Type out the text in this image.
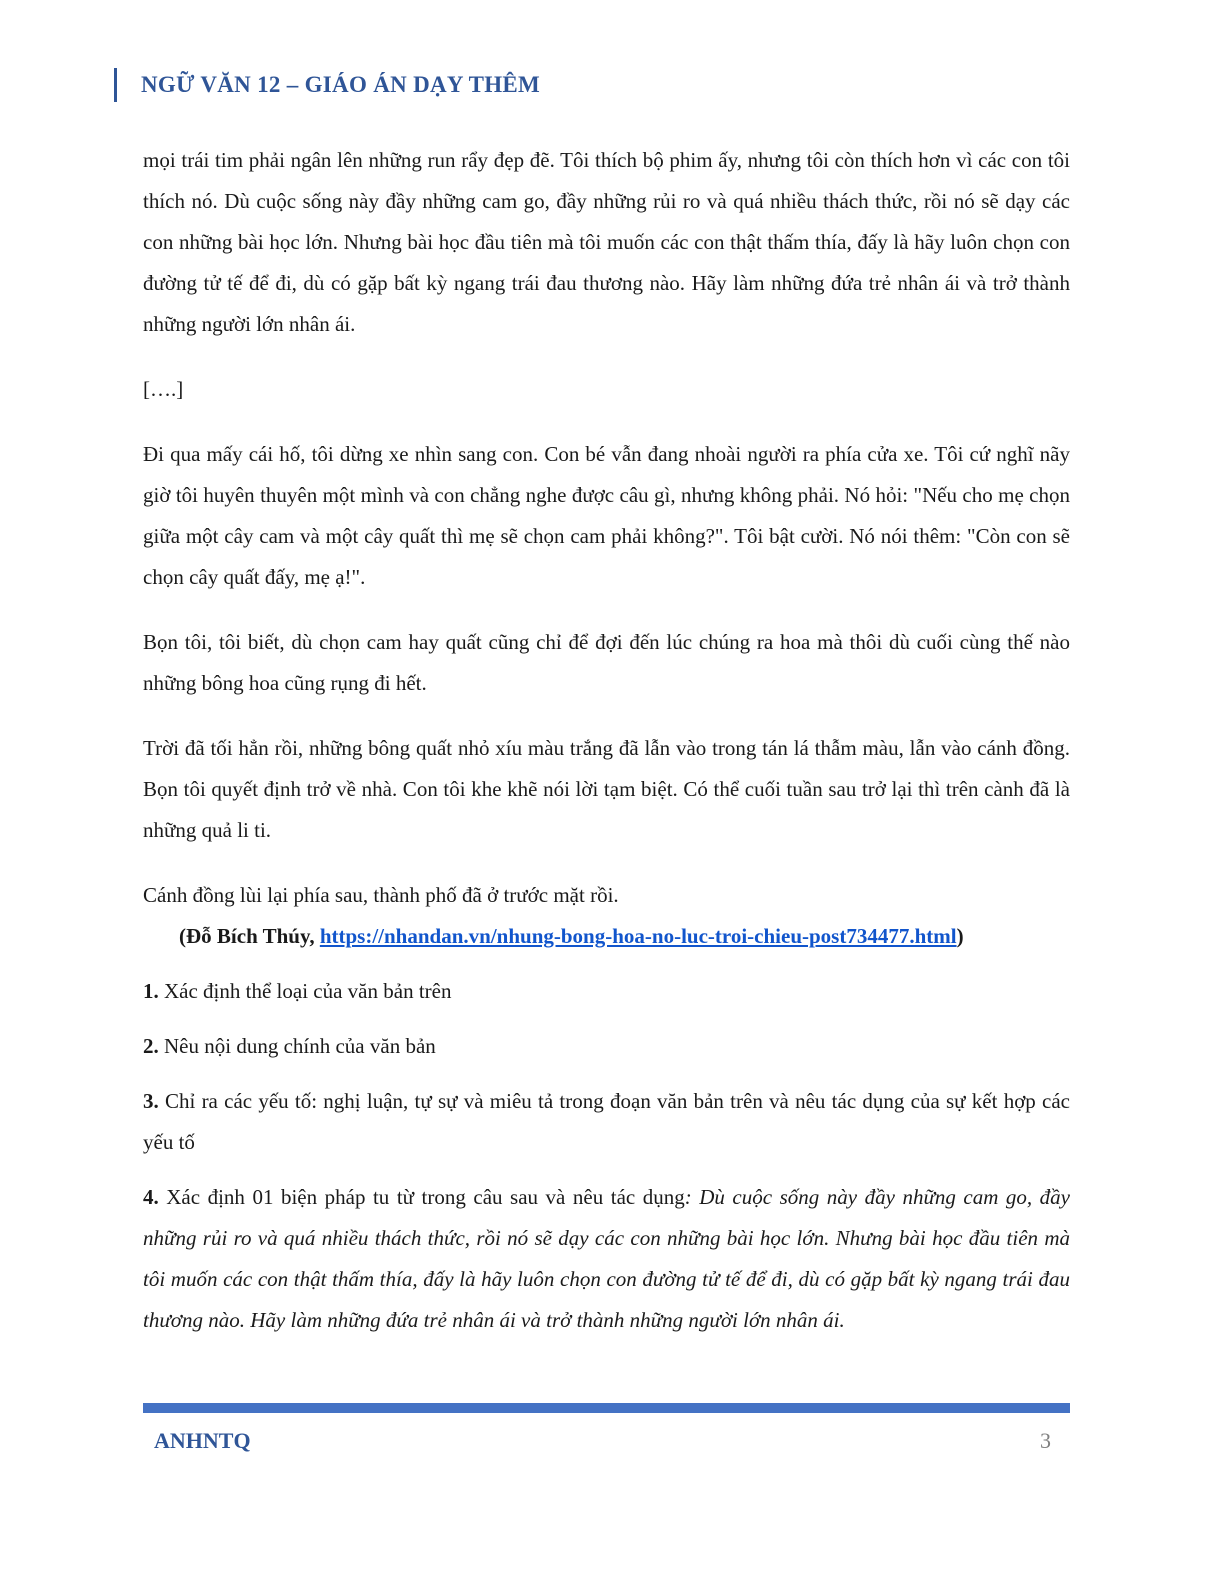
NGỮ VĂN 12 – GIÁO ÁN DẠY THÊM

mọi trái tim phải ngân lên những run rẩy đẹp đẽ. Tôi thích bộ phim ấy, nhưng tôi còn thích hơn vì các con tôi thích nó. Dù cuộc sống này đầy những cam go, đầy những rủi ro và quá nhiều thách thức, rồi nó sẽ dạy các con những bài học lớn. Nhưng bài học đầu tiên mà tôi muốn các con thật thấm thía, đấy là hãy luôn chọn con đường tử tế để đi, dù có gặp bất kỳ ngang trái đau thương nào. Hãy làm những đứa trẻ nhân ái và trở thành những người lớn nhân ái.

[….]

Đi qua mấy cái hố, tôi dừng xe nhìn sang con. Con bé vẫn đang nhoài người ra phía cửa xe. Tôi cứ nghĩ nãy giờ tôi huyên thuyên một mình và con chẳng nghe được câu gì, nhưng không phải. Nó hỏi: "Nếu cho mẹ chọn giữa một cây cam và một cây quất thì mẹ sẽ chọn cam phải không?". Tôi bật cười. Nó nói thêm: "Còn con sẽ chọn cây quất đấy, mẹ ạ!".

Bọn tôi, tôi biết, dù chọn cam hay quất cũng chỉ để đợi đến lúc chúng ra hoa mà thôi dù cuối cùng thế nào những bông hoa cũng rụng đi hết.

Trời đã tối hẳn rồi, những bông quất nhỏ xíu màu trắng đã lẫn vào trong tán lá thẫm màu, lẫn vào cánh đồng. Bọn tôi quyết định trở về nhà. Con tôi khe khẽ nói lời tạm biệt. Có thể cuối tuần sau trở lại thì trên cành đã là những quả li ti.

Cánh đồng lùi lại phía sau, thành phố đã ở trước mặt rồi.

(Đỗ Bích Thúy, https://nhandan.vn/nhung-bong-hoa-no-luc-troi-chieu-post734477.html)

1. Xác định thể loại của văn bản trên

2. Nêu nội dung chính của văn bản

3. Chỉ ra các yếu tố: nghị luận, tự sự và miêu tả trong đoạn văn bản trên và nêu tác dụng của sự kết hợp các yếu tố

4. Xác định 01 biện pháp tu từ trong câu sau và nêu tác dụng: Dù cuộc sống này đầy những cam go, đầy những rủi ro và quá nhiều thách thức, rồi nó sẽ dạy các con những bài học lớn. Nhưng bài học đầu tiên mà tôi muốn các con thật thấm thía, đấy là hãy luôn chọn con đường tử tế để đi, dù có gặp bất kỳ ngang trái đau thương nào. Hãy làm những đứa trẻ nhân ái và trở thành những người lớn nhân ái.

ANHNTQ	3
